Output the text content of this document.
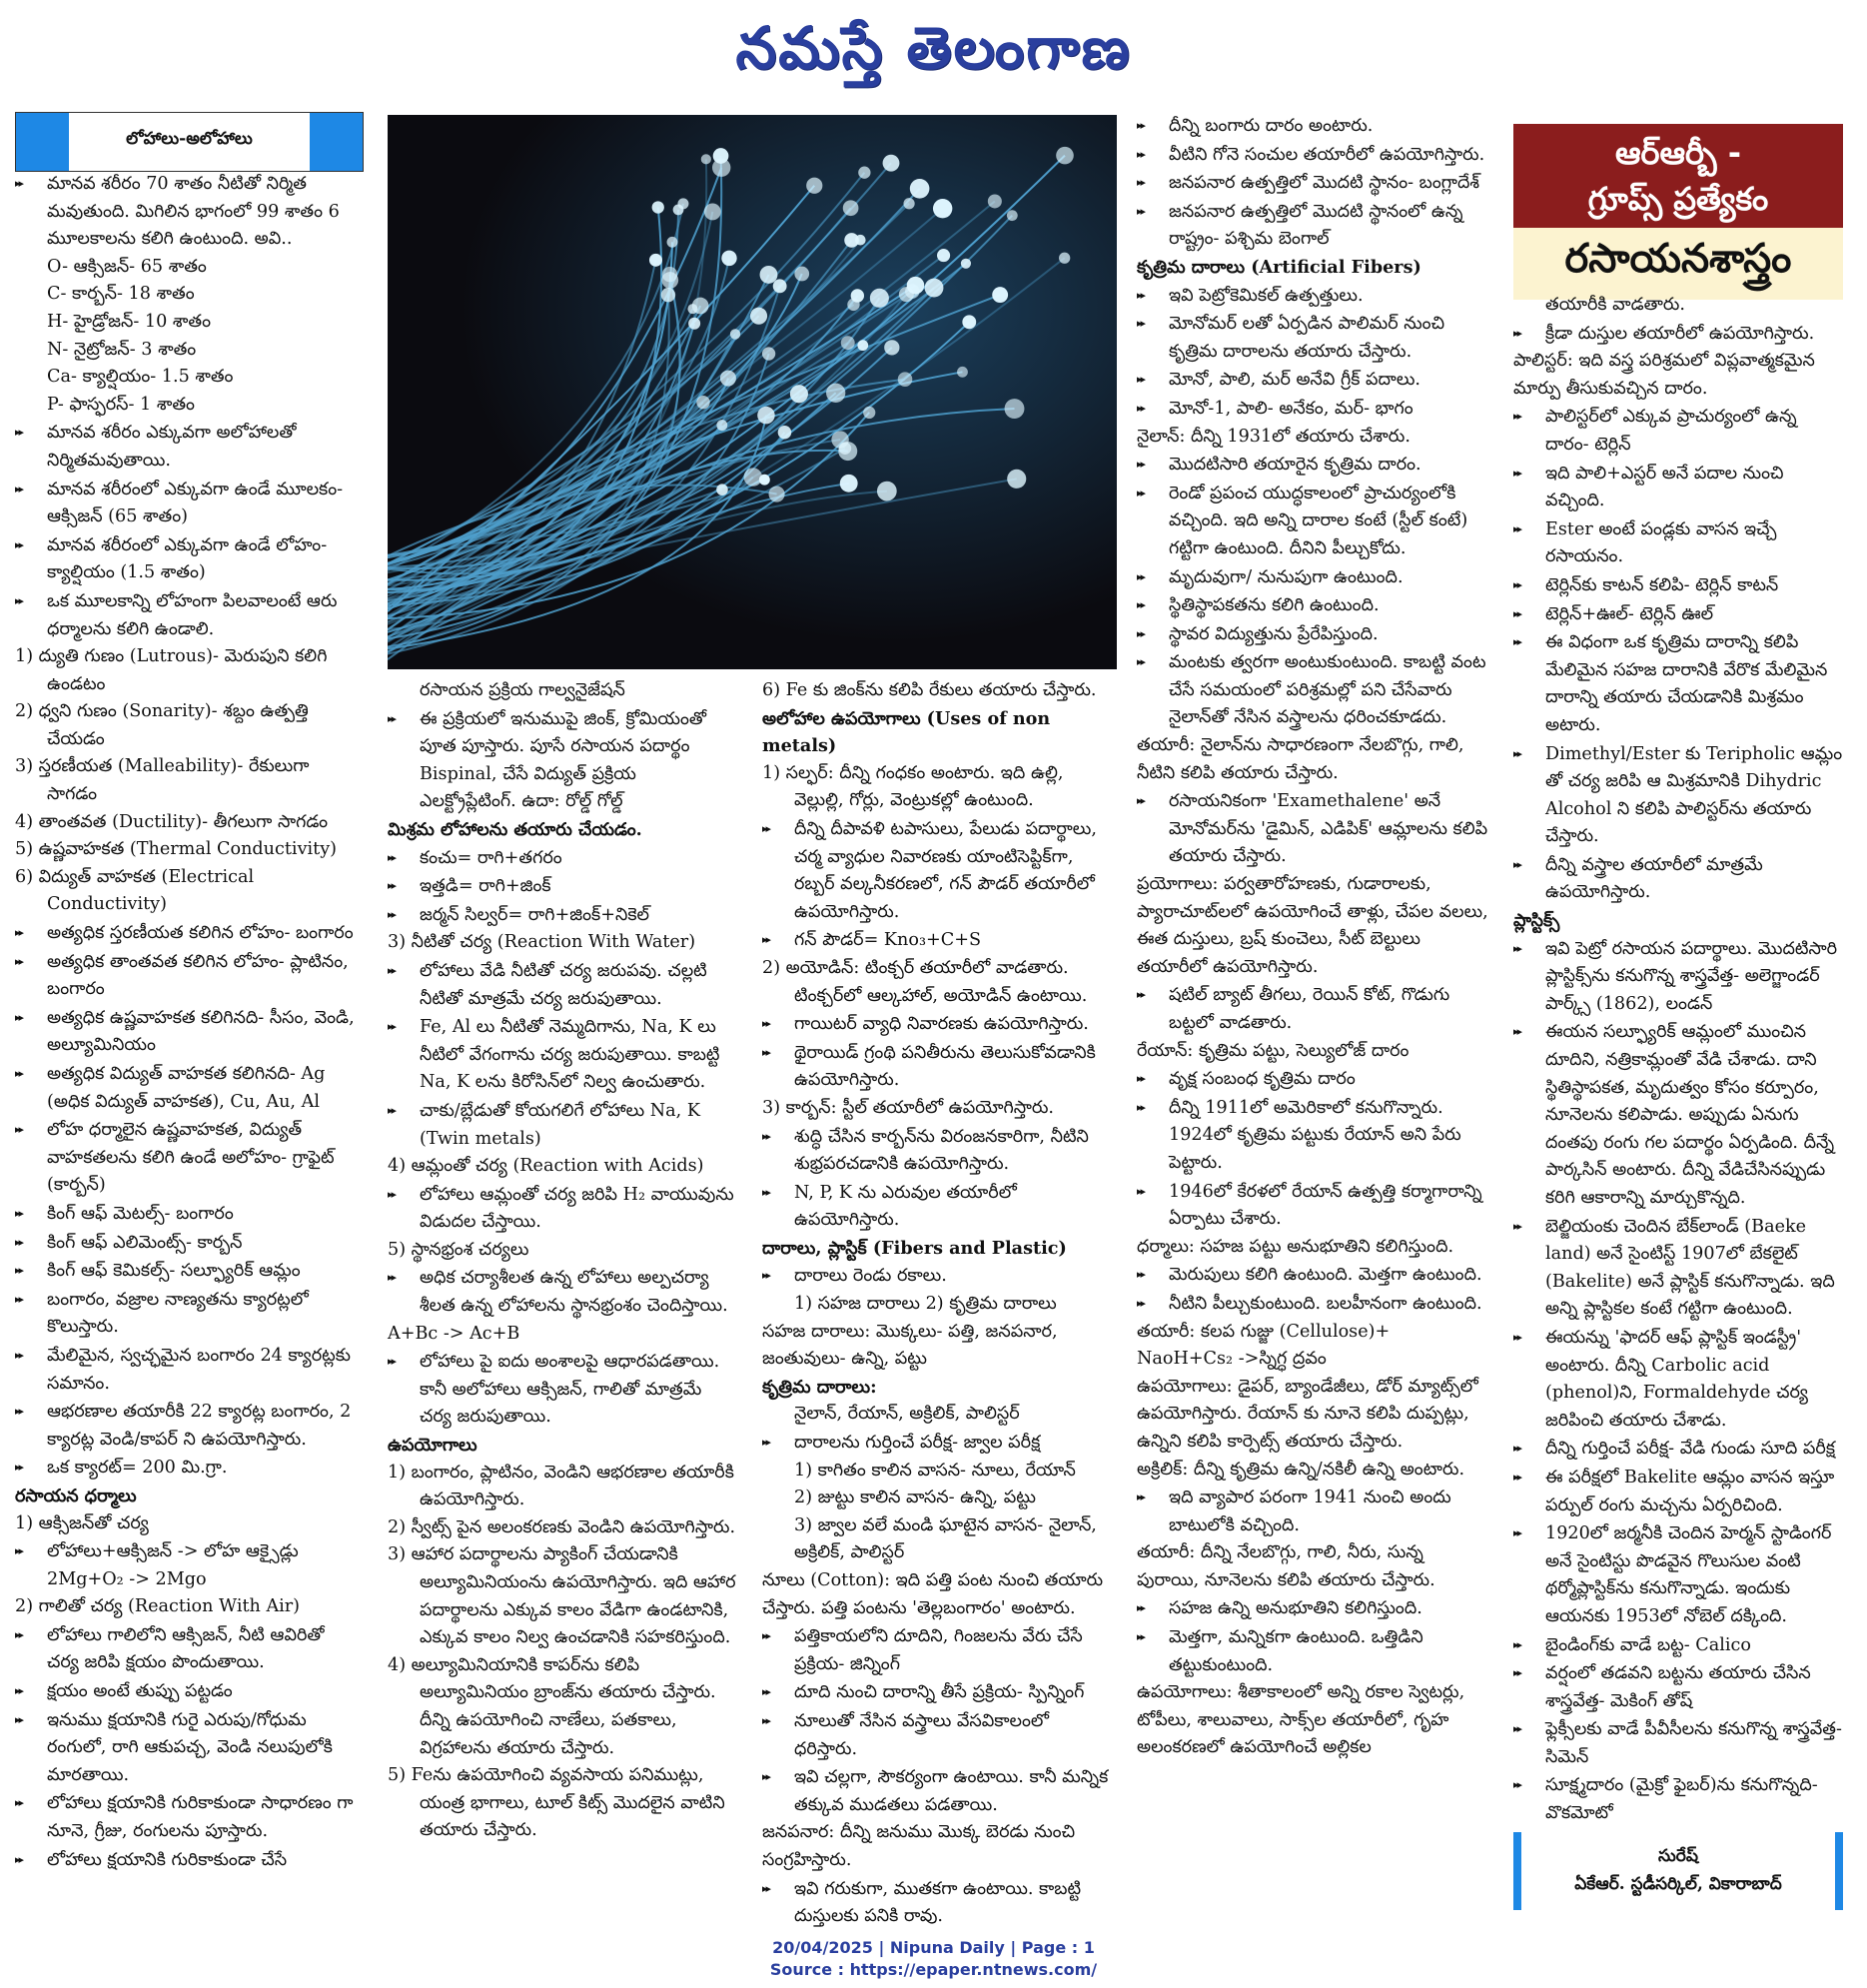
నమస్తే తెలంగాణ
లోహాలు-అలోహాలు

▸▸ మానవ శరీరం 70 శాతం నీటితో నిర్మిత మవుతుంది. మిగిలిన భాగంలో 99 శాతం 6 మూలకాలను కలిగి ఉంటుంది. అవి..

O- ఆక్సిజన్- 65 శాతం

C- కార్బన్- 18 శాతం

H- హైడ్రోజన్- 10 శాతం

N- నైట్రోజన్- 3 శాతం

Ca- క్యాల్షియం- 1.5 శాతం

P- ఫాస్ఫరస్- 1 శాతం

▸▸ మానవ శరీరం ఎక్కువగా అలోహాలతో నిర్మితమవుతాయి.

▸▸ మానవ శరీరంలో ఎక్కువగా ఉండే మూలకం- ఆక్సిజన్ (65 శాతం)

▸▸ మానవ శరీరంలో ఎక్కువగా ఉండే లోహం- క్యాల్షియం (1.5 శాతం)

▸▸ ఒక మూలకాన్ని లోహంగా పిలవాలంటే ఆరు ధర్మాలను కలిగి ఉండాలి.

1) ద్యుతి గుణం (Lutrous)- మెరుపుని కలిగి ఉండటం

2) ధ్వని గుణం (Sonarity)- శబ్దం ఉత్పత్తి చేయడం

3) స్తరణీయత (Malleability)- రేకులుగా సాగడం

4) తాంతవత (Ductility)- తీగలుగా సాగడం

5) ఉష్ణవాహకత (Thermal Conductivity)

6) విద్యుత్ వాహకత (Electrical Conductivity)

▸▸ అత్యధిక స్తరణీయత కలిగిన లోహం- బంగారం

▸▸ అత్యధిక తాంతవత కలిగిన లోహం- ప్లాటినం, బంగారం

▸▸ అత్యధిక ఉష్ణవాహకత కలిగినది- సీసం, వెండి, అల్యూమినియం

▸▸ అత్యధిక విద్యుత్ వాహకత కలిగినది- Ag (అధిక విద్యుత్ వాహకత), Cu, Au, Al

▸▸ లోహ ధర్మాలైన ఉష్ణవాహకత, విద్యుత్ వాహకతలను కలిగి ఉండే అలోహం- గ్రాఫైట్ (కార్బన్)

▸▸ కింగ్ ఆఫ్ మెటల్స్- బంగారం

▸▸ కింగ్ ఆఫ్ ఎలిమెంట్స్- కార్బన్

▸▸ కింగ్ ఆఫ్ కెమికల్స్- సల్ఫ్యూరిక్ ఆమ్లం

▸▸ బంగారం, వజ్రాల నాణ్యతను క్యారట్లలో కొలుస్తారు.

▸▸ మేలిమైన, స్వచ్ఛమైన బంగారం 24 క్యారట్లకు సమానం.

▸▸ ఆభరణాల తయారీకి 22 క్యారట్ల బంగారం, 2 క్యారట్ల వెండి/కాపర్ ని ఉపయోగిస్తారు.

▸▸ ఒక క్యారట్= 200 మి.గ్రా.

రసాయన ధర్మాలు

1) ఆక్సిజన్‌తో చర్య

▸▸ లోహాలు+ఆక్సిజన్ -> లోహ ఆక్సైడ్లు

2Mg+O₂ -> 2Mgo

2) గాలితో చర్య (Reaction With Air)

▸▸ లోహాలు గాలిలోని ఆక్సిజన్, నీటి ఆవిరితో చర్య జరిపి క్షయం పొందుతాయి.

▸▸ క్షయం అంటే తుప్పు పట్టడం

▸▸ ఇనుము క్షయానికి గురై ఎరుపు/గోధుమ రంగులో, రాగి ఆకుపచ్చ, వెండి నలుపులోకి మారతాయి.

▸▸ లోహాలు క్షయానికి గురికాకుండా సాధారణం గా నూనె, గ్రీజు, రంగులను పూస్తారు.

▸▸ లోహాలు క్షయానికి గురికాకుండా చేసే

రసాయన ప్రక్రియ గాల్వనైజేషన్

▸▸ ఈ ప్రక్రియలో ఇనుముపై జింక్, క్రోమియంతో పూత పూస్తారు. పూసే రసాయన పదార్థం Bispinal, చేసే విద్యుత్ ప్రక్రియ ఎలక్ట్రోప్లేటింగ్. ఉదా: రోల్డ్ గోల్డ్

మిశ్రమ లోహాలను తయారు చేయడం.

▸▸ కంచు= రాగి+తగరం

▸▸ ఇత్తడి= రాగి+జింక్

▸▸ జర్మన్ సిల్వర్= రాగి+జింక్+నికెల్

3) నీటితో చర్య (Reaction With Water)

▸▸ లోహాలు వేడి నీటితో చర్య జరుపవు. చల్లటి నీటితో మాత్రమే చర్య జరుపుతాయి.

▸▸ Fe, Al లు నీటితో నెమ్మదిగాను, Na, K లు నీటిలో వేగంగాను చర్య జరుపుతాయి. కాబట్టి Na, K లను కిరోసిన్‌లో నిల్వ ఉంచుతారు.

▸▸ చాకు/బ్లేడుతో కోయగలిగే లోహాలు Na, K (Twin metals)

4) ఆమ్లంతో చర్య (Reaction with Acids)

▸▸ లోహాలు ఆమ్లంతో చర్య జరిపి H₂ వాయువును విడుదల చేస్తాయి.

5) స్థానభ్రంశ చర్యలు

▸▸ అధిక చర్యాశీలత ఉన్న లోహాలు అల్పచర్యా శీలత ఉన్న లోహాలను స్థానభ్రంశం చెందిస్తాయి.

A+Bc -> Ac+B

▸▸ లోహాలు పై ఐదు అంశాలపై ఆధారపడతాయి. కానీ అలోహాలు ఆక్సిజన్, గాలితో మాత్రమే చర్య జరుపుతాయి.

ఉపయోగాలు

1) బంగారం, ప్లాటినం, వెండిని ఆభరణాల తయారీకి ఉపయోగిస్తారు.

2) స్వీట్స్ పైన అలంకరణకు వెండిని ఉపయోగిస్తారు.

3) ఆహార పదార్థాలను ప్యాకింగ్ చేయడానికి అల్యూమినియంను ఉపయోగిస్తారు. ఇది ఆహార పదార్థాలను ఎక్కువ కాలం వేడిగా ఉండటానికి, ఎక్కువ కాలం నిల్వ ఉంచడానికి సహకరిస్తుంది.

4) అల్యూమినియానికి కాపర్‌ను కలిపి అల్యూమినియం బ్రాంజ్‌ను తయారు చేస్తారు. దీన్ని ఉపయోగించి నాణేలు, పతకాలు, విగ్రహాలను తయారు చేస్తారు.

5) Feను ఉపయోగించి వ్యవసాయ పనిముట్లు, యంత్ర భాగాలు, టూల్ కిట్స్ మొదలైన వాటిని తయారు చేస్తారు.

6) Fe కు జింక్‌ను కలిపి రేకులు తయారు చేస్తారు.

అలోహాల ఉపయోగాలు (Uses of non metals)

1) సల్ఫర్: దీన్ని గంధకం అంటారు. ఇది ఉల్లి, వెల్లుల్లి, గోర్లు, వెంట్రుకల్లో ఉంటుంది.

▸▸ దీన్ని దీపావళి టపాసులు, పేలుడు పదార్థాలు, చర్మ వ్యాధుల నివారణకు యాంటిసెప్టిక్‌గా, రబ్బర్ వల్కనీకరణలో, గన్ పౌడర్ తయారీలో ఉపయోగిస్తారు.

▸▸ గన్ పౌడర్= Kno₃+C+S

2) అయోడిన్: టింక్చర్ తయారీలో వాడతారు. టింక్చర్‌లో ఆల్కహాల్, అయోడిన్ ఉంటాయి.

▸▸ గాయిటర్ వ్యాధి నివారణకు ఉపయోగిస్తారు.

▸▸ థైరాయిడ్ గ్రంథి పనితీరును తెలుసుకోవడానికి ఉపయోగిస్తారు.

3) కార్బన్: స్టీల్ తయారీలో ఉపయోగిస్తారు.

▸▸ శుద్ధి చేసిన కార్బన్‌ను విరంజనకారిగా, నీటిని శుభ్రపరచడానికి ఉపయోగిస్తారు.

▸▸ N, P, K ను ఎరువుల తయారీలో ఉపయోగిస్తారు.

దారాలు, ప్లాస్టిక్ (Fibers and Plastic)

▸▸ దారాలు రెండు రకాలు.

1) సహజ దారాలు 2) కృత్రిమ దారాలు

సహజ దారాలు: మొక్కలు- పత్తి, జనపనార, జంతువులు- ఉన్ని, పట్టు

కృత్రిమ దారాలు:

నైలాన్, రేయాన్, అక్రిలిక్, పాలిస్టర్

▸▸ దారాలను గుర్తించే పరీక్ష- జ్వాల పరీక్ష

1) కాగితం కాలిన వాసన- నూలు, రేయాన్

2) జుట్టు కాలిన వాసన- ఉన్ని, పట్టు

3) జ్వాల వలే మండి ఘాటైన వాసన- నైలాన్, అక్రిలిక్, పాలిస్టర్

నూలు (Cotton): ఇది పత్తి పంట నుంచి తయారు చేస్తారు. పత్తి పంటను 'తెల్లబంగారం' అంటారు.

▸▸ పత్తికాయలోని దూదిని, గింజలను వేరు చేసే ప్రక్రియ- జిన్నింగ్

▸▸ దూది నుంచి దారాన్ని తీసే ప్రక్రియ- స్పిన్నింగ్

▸▸ నూలుతో నేసిన వస్త్రాలు వేసవికాలంలో ధరిస్తారు.

▸▸ ఇవి చల్లగా, సౌకర్యంగా ఉంటాయి. కానీ మన్నిక తక్కువ ముడతలు పడతాయి.

జనపనార: దీన్ని జనుము మొక్క బెరడు నుంచి సంగ్రహిస్తారు.

▸▸ ఇవి గరుకుగా, ముతకగా ఉంటాయి. కాబట్టి దుస్తులకు పనికి రావు.

▸▸ దీన్ని బంగారు దారం అంటారు.

▸▸ వీటిని గోనె సంచుల తయారీలో ఉపయోగిస్తారు.

▸▸ జనపనార ఉత్పత్తిలో మొదటి స్థానం- బంగ్లాదేశ్

▸▸ జనపనార ఉత్పత్తిలో మొదటి స్థానంలో ఉన్న రాష్ట్రం- పశ్చిమ బెంగాల్

కృత్రిమ దారాలు (Artificial Fibers)

▸▸ ఇవి పెట్రోకెమికల్ ఉత్పత్తులు.

▸▸ మోనోమర్ లతో ఏర్పడిన పాలిమర్ నుంచి కృత్రిమ దారాలను తయారు చేస్తారు.

▸▸ మోనో, పాలి, మర్ అనేవి గ్రీక్ పదాలు.

▸▸ మోనో-1, పాలి- అనేకం, మర్- భాగం

నైలాన్: దీన్ని 1931లో తయారు చేశారు.

▸▸ మొదటిసారి తయారైన కృత్రిమ దారం.

▸▸ రెండో ప్రపంచ యుద్ధకాలంలో ప్రాచుర్యంలోకి వచ్చింది. ఇది అన్ని దారాల కంటే (స్టీల్ కంటే) గట్టిగా ఉంటుంది. దీనిని పీల్చుకోదు.

▸▸ మృదువుగా/ నునుపుగా ఉంటుంది.

▸▸ స్థితిస్థాపకతను కలిగి ఉంటుంది.

▸▸ స్థావర విద్యుత్తును ప్రేరేపిస్తుంది.

▸▸ మంటకు త్వరగా అంటుకుంటుంది. కాబట్టి వంట చేసే సమయంలో పరిశ్రమల్లో పని చేసేవారు నైలాన్‌తో నేసిన వస్త్రాలను ధరించకూడదు.

తయారీ: నైలాన్‌ను సాధారణంగా నేలబొగ్గు, గాలి, నీటిని కలిపి తయారు చేస్తారు.

▸▸ రసాయనికంగా 'Examethalene' అనే మోనోమర్‌ను 'డైమిన్, ఎడిపిక్' ఆమ్లాలను కలిపి తయారు చేస్తారు.

ప్రయోగాలు: పర్వతారోహణకు, గుడారాలకు, ప్యారాచూట్‌లలో ఉపయోగించే తాళ్లు, చేపల వలలు, ఈత దుస్తులు, బ్రష్ కుంచెలు, సీట్ బెల్టులు తయారీలో ఉపయోగిస్తారు.

▸▸ షటిల్ బ్యాట్ తీగలు, రెయిన్ కోట్, గొడుగు బట్టలో వాడతారు.

రేయాన్: కృత్రిమ పట్టు, సెల్యులోజ్ దారం

▸▸ వృక్ష సంబంధ కృత్రిమ దారం

▸▸ దీన్ని 1911లో అమెరికాలో కనుగొన్నారు. 1924లో కృత్రిమ పట్టుకు రేయాన్ అని పేరు పెట్టారు.

▸▸ 1946లో కేరళలో రేయాన్ ఉత్పత్తి కర్మాగారాన్ని ఏర్పాటు చేశారు.

ధర్మాలు: సహజ పట్టు అనుభూతిని కలిగిస్తుంది.

▸▸ మెరుపులు కలిగి ఉంటుంది. మెత్తగా ఉంటుంది.

▸▸ నీటిని పీల్చుకుంటుంది. బలహీనంగా ఉంటుంది.

తయారీ: కలప గుజ్జు (Cellulose)+ NaoH+Cs₂ ->స్నిగ్ధ ద్రవం

ఉపయోగాలు: డైపర్, బ్యాండేజీలు, డోర్ మ్యాట్స్‌లో ఉపయోగిస్తారు. రేయాన్ కు నూనె కలిపి దుప్పట్లు, ఉన్నిని కలిపి కార్పెట్స్ తయారు చేస్తారు.

అక్రిలిక్: దీన్ని కృత్రిమ ఉన్ని/నకిలీ ఉన్ని అంటారు.

▸▸ ఇది వ్యాపార పరంగా 1941 నుంచి అందు బాటులోకి వచ్చింది.

తయారీ: దీన్ని నేలబొగ్గు, గాలి, నీరు, సున్న పురాయి, నూనెలను కలిపి తయారు చేస్తారు.

▸▸ సహజ ఉన్ని అనుభూతిని కలిగిస్తుంది.

▸▸ మెత్తగా, మన్నికగా ఉంటుంది. ఒత్తిడిని తట్టుకుంటుంది.

ఉపయోగాలు: శీతాకాలంలో అన్ని రకాల స్వెటర్లు, టోపీలు, శాలువాలు, సాక్స్‌ల తయారీలో, గృహ అలంకరణలో ఉపయోగించే అల్లికల

ఆర్ఆర్బీ -
గ్రూప్స్ ప్రత్యేకం
రసాయనశాస్త్రం

తయారీకి వాడతారు.

▸▸ క్రీడా దుస్తుల తయారీలో ఉపయోగిస్తారు.

పాలిస్టర్: ఇది వస్త్ర పరిశ్రమలో విప్లవాత్మకమైన మార్పు తీసుకువచ్చిన దారం.

▸▸ పాలిస్టర్‌లో ఎక్కువ ప్రాచుర్యంలో ఉన్న దారం- టెర్లిన్

▸▸ ఇది పాలి+ఎస్టర్ అనే పదాల నుంచి వచ్చింది.

▸▸ Ester అంటే పండ్లకు వాసన ఇచ్చే రసాయనం.

▸▸ టెర్లిన్‌కు కాటన్ కలిపి- టెర్లిన్ కాటన్

▸▸ టెర్లిన్+ఊల్- టెర్లిన్ ఊల్

▸▸ ఈ విధంగా ఒక కృత్రిమ దారాన్ని కలిపి మేలిమైన సహజ దారానికి వేరొక మేలిమైన దారాన్ని తయారు చేయడానికి మిశ్రమం అటారు.

▸▸ Dimethyl/Ester కు Teripholic ఆమ్లం తో చర్య జరిపి ఆ మిశ్రమానికి Dihydric Alcohol ని కలిపి పాలిస్టర్‌ను తయారు చేస్తారు.

▸▸ దీన్ని వస్త్రాల తయారీలో మాత్రమే ఉపయోగిస్తారు.

ప్లాస్టిక్స్

▸▸ ఇవి పెట్రో రసాయన పదార్థాలు. మొదటిసారి ప్లాస్టిక్స్‌ను కనుగొన్న శాస్త్రవేత్త- అలెగ్జాండర్ పార్క్స్ (1862), లండన్

▸▸ ఈయన సల్ఫ్యూరిక్ ఆమ్లంలో ముంచిన దూదిని, నత్రికామ్లంతో వేడి చేశాడు. దాని స్థితిస్థాపకత, మృదుత్వం కోసం కర్పూరం, నూనెలను కలిపాడు. అప్పుడు ఏనుగు దంతపు రంగు గల పదార్థం ఏర్పడింది. దీన్నే పార్కసిన్ అంటారు. దీన్ని వేడిచేసినప్పుడు కరిగి ఆకారాన్ని మార్చుకొన్నది.

▸▸ బెల్జియంకు చెందిన బేక్‌లాండ్ (Baeke land) అనే సైంటిస్ట్ 1907లో బేకలైట్ (Bakelite) అనే ప్లాస్టిక్ కనుగొన్నాడు. ఇది అన్ని ప్లాస్టికల కంటే గట్టిగా ఉంటుంది.

▸▸ ఈయన్ను 'ఫాదర్ ఆఫ్ ప్లాస్టిక్ ఇండస్ట్రీ' అంటారు. దీన్ని Carbolic acid (phenol)ని, Formaldehyde చర్య జరిపించి తయారు చేశాడు.

▸▸ దీన్ని గుర్తించే పరీక్ష- వేడి గుండు సూది పరీక్ష

▸▸ ఈ పరీక్షలో Bakelite ఆమ్లం వాసన ఇస్తూ పర్పుల్ రంగు మచ్చను ఏర్పరిచింది.

▸▸ 1920లో జర్మనీకి చెందిన హెర్మన్ స్టాడింగర్ అనే సైంటిస్టు పొడవైన గొలుసుల వంటి థర్మోప్లాస్టిక్‌ను కనుగొన్నాడు. ఇందుకు ఆయనకు 1953లో నోబెల్ దక్కింది.

▸▸ బైండింగ్‌కు వాడే బట్ట- Calico

▸▸ వర్షంలో తడవని బట్టను తయారు చేసిన శాస్త్రవేత్త- మెకింగ్ తోష్

▸▸ ఫ్లెక్సీలకు వాడే పీవీసీలను కనుగొన్న శాస్త్రవేత్త- సిమెన్

▸▸ సూక్ష్మదారం (మైక్రో ఫైబర్)ను కనుగొన్నది- వొకమోటో

సురేష్
ఏకేఆర్. స్టడీసర్కిల్, వికారాబాద్
20/04/2025 | Nipuna Daily | Page : 1
Source : https://epaper.ntnews.com/
